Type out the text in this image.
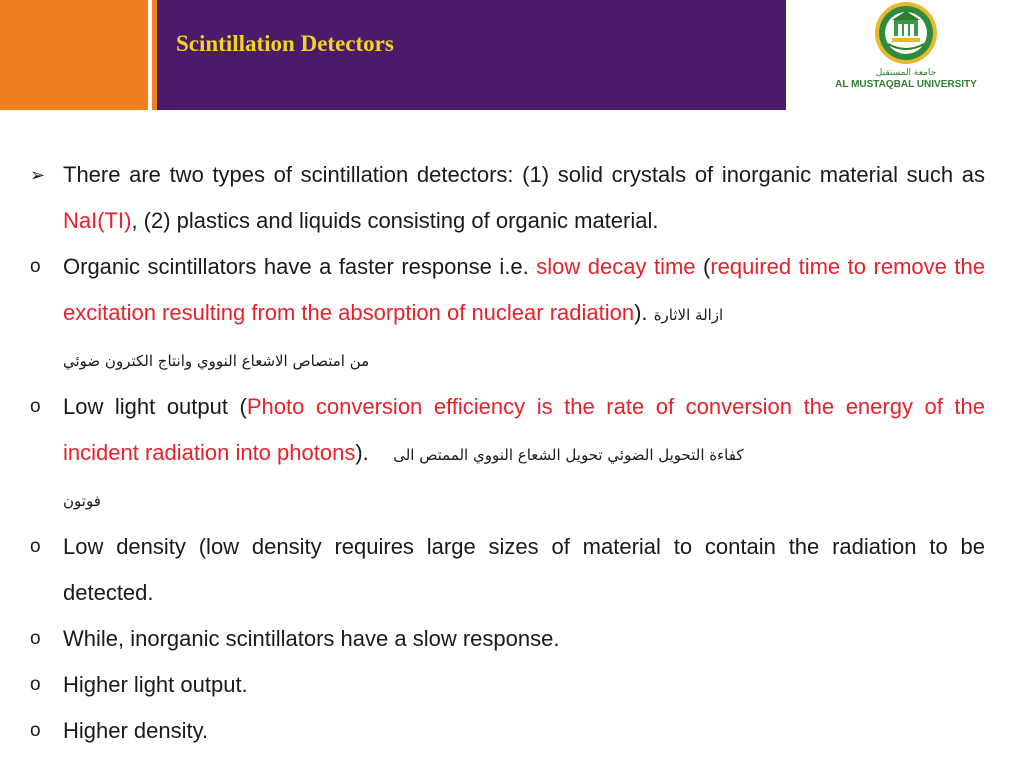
Scintillation Detectors
جامعة المستقبل
AL MUSTAQBAL UNIVERSITY
➢ There are two types of scintillation detectors: (1) solid crystals of inorganic material such as NaI(TI), (2) plastics and liquids consisting of organic material.
o	Organic scintillators have a faster response i.e. slow decay time (required time to remove the excitation resulting from the absorption of nuclear radiation). ازالة الاثارة
من امتصاص الاشعاع النووي وانتاج الكترون ضوئي
o	Low light output (Photo conversion efficiency is the rate of conversion the energy of the incident radiation into photons). كفاءة التحويل الضوئي تحويل الشعاع النووي الممتص الى
فوتون
o	Low density (low density requires large sizes of material to contain the radiation to be detected.
o	While, inorganic scintillators have a slow response.
o	Higher light output.
o	Higher density.
